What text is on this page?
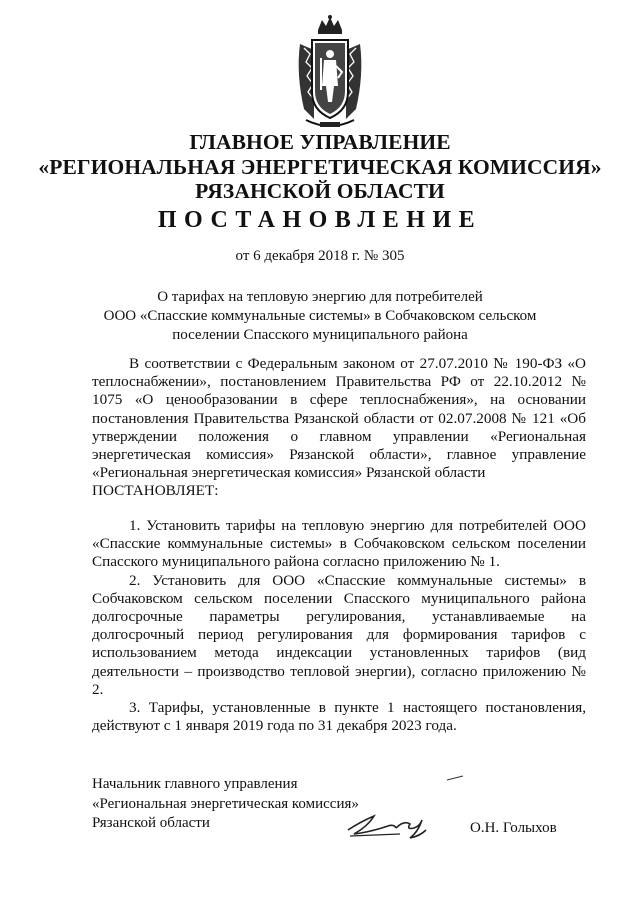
ГЛАВНОЕ УПРАВЛЕНИЕ
«РЕГИОНАЛЬНАЯ ЭНЕРГЕТИЧЕСКАЯ КОМИССИЯ»
РЯЗАНСКОЙ ОБЛАСТИ
ПОСТАНОВЛЕНИЕ
от 6 декабря 2018 г. № 305
О тарифах на тепловую энергию для потребителей
ООО «Спасские коммунальные системы» в Собчаковском сельском
поселении Спасского муниципального района

В соответствии с Федеральным законом от 27.07.2010 № 190-ФЗ «О теплоснабжении», постановлением Правительства РФ от 22.10.2012 № 1075 «О ценообразовании в сфере теплоснабжения», на основании постановления Правительства Рязанской области от 02.07.2008 № 121 «Об утверждении положения о главном управлении «Региональная энергетическая комиссия» Рязанской области», главное управление «Региональная энергетическая комиссия» Рязанской области

ПОСТАНОВЛЯЕТ:

1. Установить тарифы на тепловую энергию для потребителей ООО «Спасские коммунальные системы» в Собчаковском сельском поселении Спасского муниципального района согласно приложению № 1.

2. Установить для ООО «Спасские коммунальные системы» в Собчаковском сельском поселении Спасского муниципального района долгосрочные параметры регулирования, устанавливаемые на долгосрочный период регулирования для формирования тарифов с использованием метода индексации установленных тарифов (вид деятельности – производство тепловой энергии), согласно приложению № 2.

3. Тарифы, установленные в пункте 1 настоящего постановления, действуют с 1 января 2019 года по 31 декабря 2023 года.

Начальник главного управления
«Региональная энергетическая комиссия»
Рязанской области	О.Н. Голыхов
